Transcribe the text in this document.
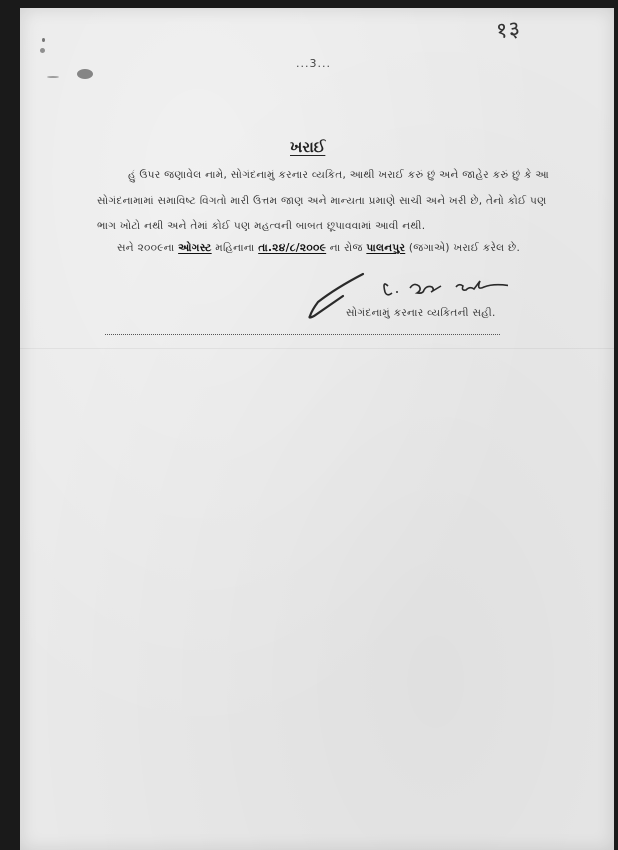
१३
...3...
ખરાઈ
હું ઉપર જણાવેલ નામે, સોગંદનામું કરનાર વ્યકિત, આથી ખરાઈ કરું છું અને જાહેર કરું છું કે આ
સોગંદનામામાં સમાવિષ્ટ વિગતો મારી ઉત્તમ જાણ અને માન્યતા પ્રમાણે સાચી અને ખરી છે, તેનો કોઈ પણ
ભાગ ખોટો નથી અને તેમાં કોઈ પણ મહત્વની બાબત છૂપાવવામાં આવી નથી.
સને ૨૦૦૯ના ઓગસ્ટ મહિનાના તા.૨૪/૮/૨૦૦૯ ના રોજ પાલનપુર (જગાએ) ખરાઈ કરેલ છે.
સોગંદનામું કરનાર વ્યકિતની સહી.
